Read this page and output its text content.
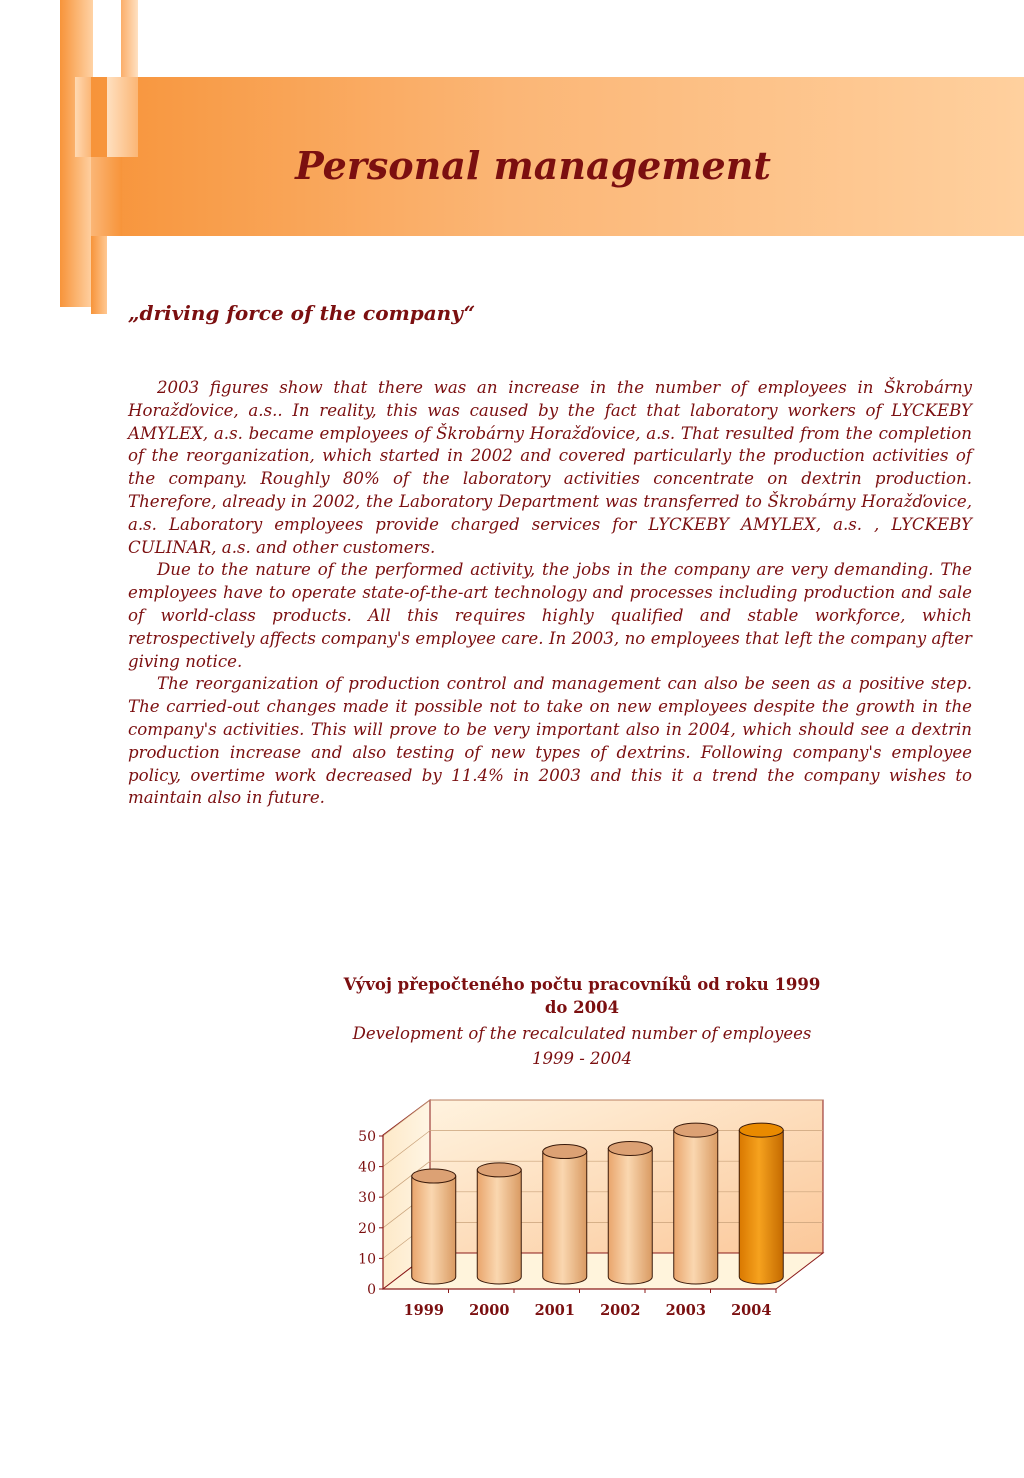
Personal management

„driving force of the company“

2003 figures show that there was an increase in the number of employees in Škrobárny Horažďovice, a.s.. In reality, this was caused by the fact that laboratory workers of LYCKEBY AMYLEX, a.s. became employees of Škrobárny Horažďovice, a.s. That resulted from the completion of the reorganization, which started in 2002 and covered particularly the production activities of the company. Roughly 80% of the laboratory activities concentrate on dextrin production. Therefore, already in 2002, the Laboratory Department was transferred to Škrobárny Horažďovice, a.s. Laboratory employees provide charged services for LYCKEBY AMYLEX, a.s. , LYCKEBY CULINAR, a.s. and other customers.

Due to the nature of the performed activity, the jobs in the company are very demanding. The employees have to operate state-of-the-art technology and processes including production and sale of world-class products. All this requires highly qualified and stable workforce, which retrospectively affects company's employee care. In 2003, no employees that left the company after giving notice.

The reorganization of production control and management can also be seen as a positive step. The carried-out changes made it possible not to take on new employees despite the growth in the company's activities. This will prove to be very important also in 2004, which should see a dextrin production increase and also testing of new types of dextrins. Following company's employee policy, overtime work decreased by 11.4% in 2003 and this it a trend the company wishes to maintain also in future.

Vývoj přepočteného počtu pracovníků od roku 1999 do 2004
Development of the recalculated number of employees 1999 - 2004
0
10
20
30
40
50
1999 2000 2001 2002 2003 2004
